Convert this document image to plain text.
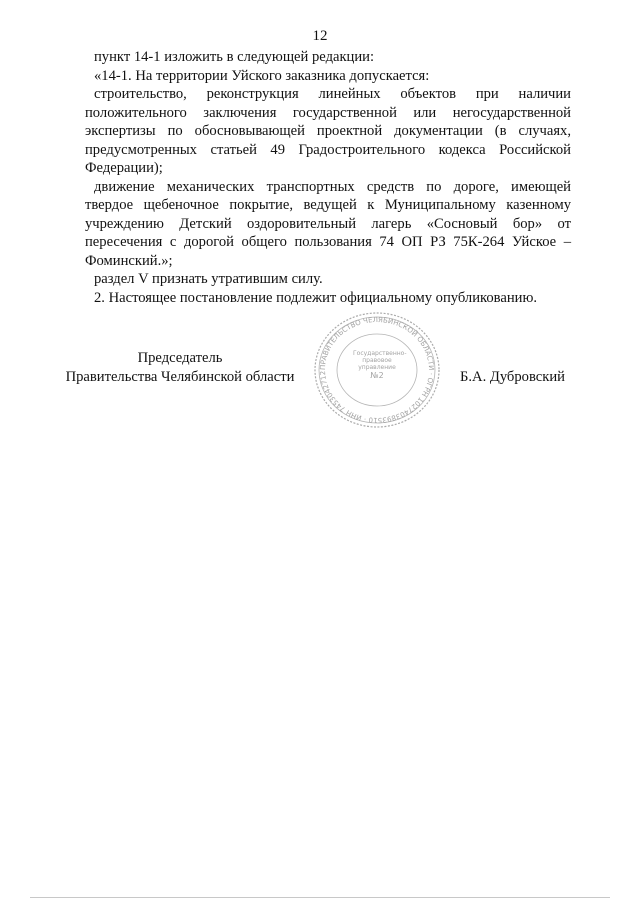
12

пункт 14-1 изложить в следующей редакции:

«14-1. На территории Уйского заказника допускается:

строительство, реконструкция линейных объектов при наличии положительного заключения государственной или негосударственной экспертизы по обосновывающей проектной документации (в случаях, предусмотренных статьей 49 Градостроительного кодекса Российской Федерации);

движение механических транспортных средств по дороге, имеющей твердое щебеночное покрытие, ведущей к Муниципальному казенному учреждению Детский оздоровительный лагерь «Сосновый бор» от пересечения с дорогой общего пользования 74 ОП РЗ 75К-264 Уйское – Фоминский.»;

раздел V признать утратившим силу.

2. Настоящее постановление подлежит официальному опубликованию.

Председатель
Правительства Челябинской области
ПРАВИТЕЛЬСТВО ЧЕЛЯБИНСКОЙ ОБЛАСТИ · ОГРН 1027403893510 · ИНН 7453042712
Государственно-
правовое
управление
№2	Б.А. Дубровский
